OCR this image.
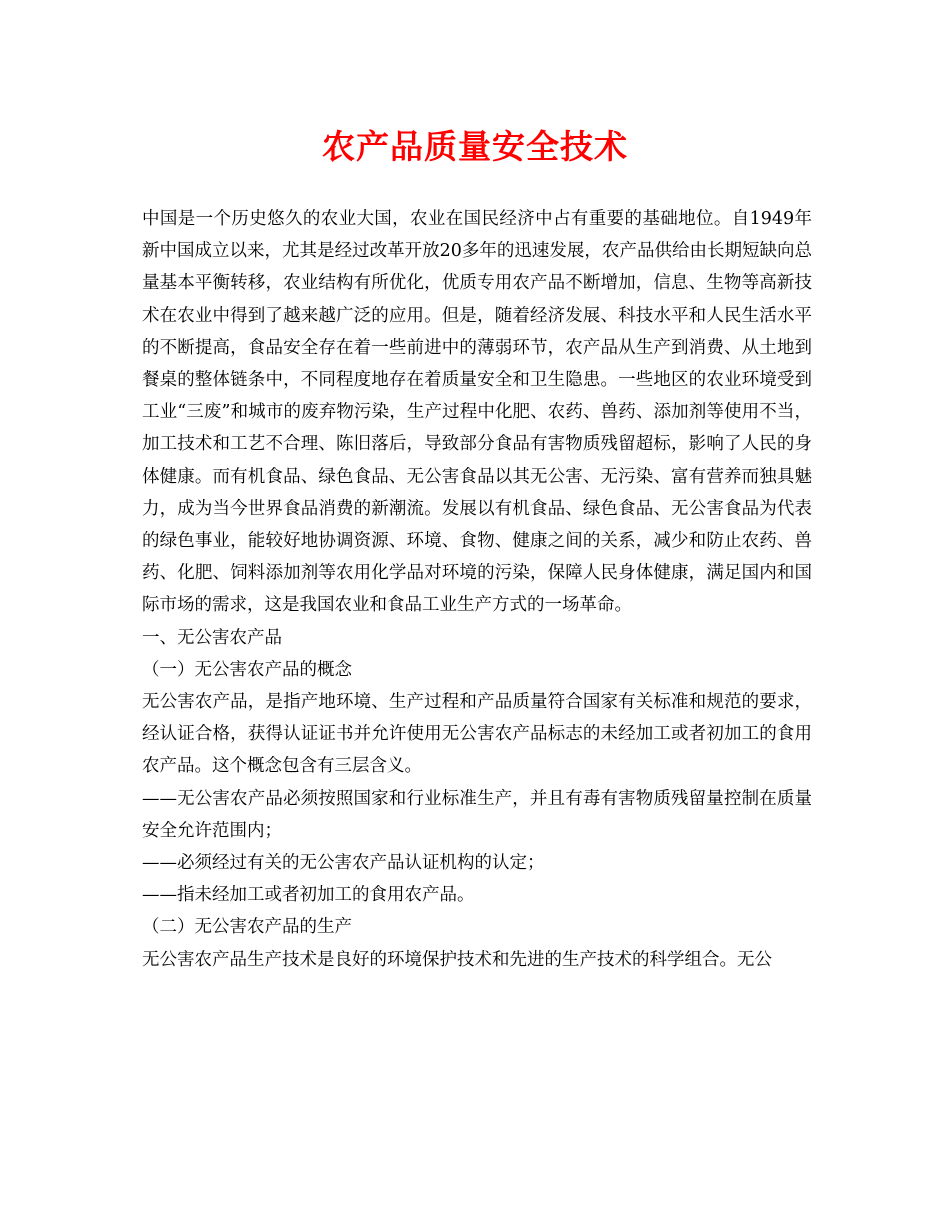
农产品质量安全技术

中国是一个历史悠久的农业大国，农业在国民经济中占有重要的基础地位。自1949年新中国成立以来，尤其是经过改革开放20多年的迅速发展，农产品供给由长期短缺向总量基本平衡转移，农业结构有所优化，优质专用农产品不断增加，信息、生物等高新技术在农业中得到了越来越广泛的应用。但是，随着经济发展、科技水平和人民生活水平的不断提高，食品安全存在着一些前进中的薄弱环节，农产品从生产到消费、从土地到餐桌的整体链条中，不同程度地存在着质量安全和卫生隐患。一些地区的农业环境受到工业“三废”和城市的废弃物污染，生产过程中化肥、农药、兽药、添加剂等使用不当，加工技术和工艺不合理、陈旧落后，导致部分食品有害物质残留超标，影响了人民的身体健康。而有机食品、绿色食品、无公害食品以其无公害、无污染、富有营养而独具魅力，成为当今世界食品消费的新潮流。发展以有机食品、绿色食品、无公害食品为代表的绿色事业，能较好地协调资源、环境、食物、健康之间的关系，减少和防止农药、兽药、化肥、饲料添加剂等农用化学品对环境的污染，保障人民身体健康，满足国内和国际市场的需求，这是我国农业和食品工业生产方式的一场革命。

一、无公害农产品

（一）无公害农产品的概念

无公害农产品，是指产地环境、生产过程和产品质量符合国家有关标准和规范的要求，经认证合格，获得认证证书并允许使用无公害农产品标志的未经加工或者初加工的食用农产品。这个概念包含有三层含义。

——无公害农产品必须按照国家和行业标准生产，并且有毒有害物质残留量控制在质量安全允许范围内；

——必须经过有关的无公害农产品认证机构的认定；

——指未经加工或者初加工的食用农产品。

（二）无公害农产品的生产

无公害农产品生产技术是良好的环境保护技术和先进的生产技术的科学组合。无公
